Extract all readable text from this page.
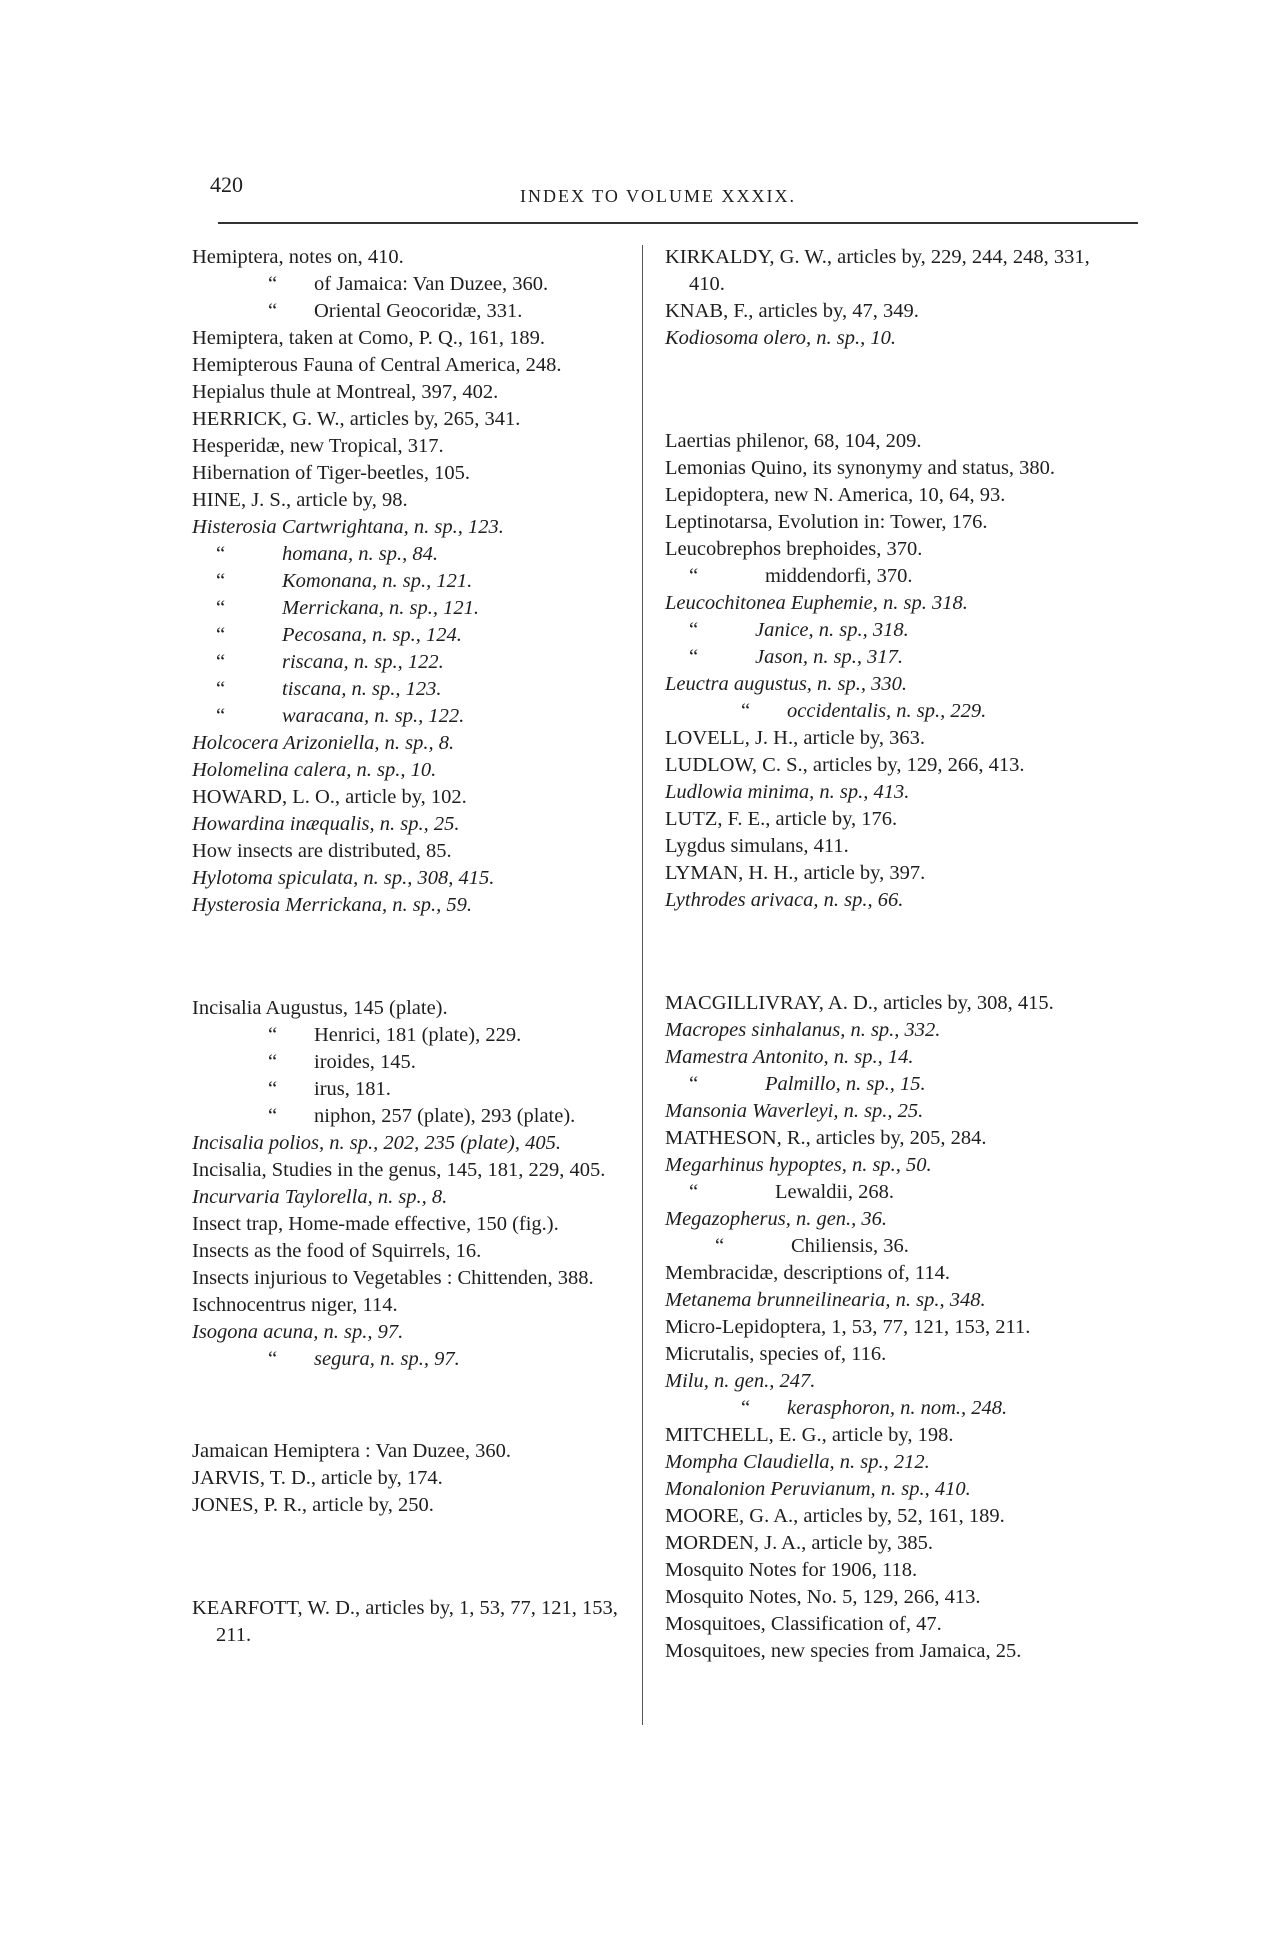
420	INDEX TO VOLUME XXXIX.
Hemiptera, notes on, 410.
“ of Jamaica: Van Duzee, 360.
“ Oriental Geocoridæ, 331.
Hemiptera, taken at Como, P. Q., 161, 189.
Hemipterous Fauna of Central America, 248.
Hepialus thule at Montreal, 397, 402.
HERRICK, G. W., articles by, 265, 341.
Hesperidæ, new Tropical, 317.
Hibernation of Tiger-beetles, 105.
HINE, J. S., article by, 98.
Histerosia Cartwrightana, n. sp., 123.
“	homana, n. sp., 84.
“	Komonana, n. sp., 121.
“	Merrickana, n. sp., 121.
“	Pecosana, n. sp., 124.
“	riscana, n. sp., 122.
“	tiscana, n. sp., 123.
“	waracana, n. sp., 122.
Holcocera Arizoniella, n. sp., 8.
Holomelina calera, n. sp., 10.
HOWARD, L. O., article by, 102.
Howardina inæqualis, n. sp., 25.
How insects are distributed, 85.
Hylotoma spiculata, n. sp., 308, 415.
Hysterosia Merrickana, n. sp., 59.
Incisalia Augustus, 145 (plate).
“ Henrici, 181 (plate), 229.
“ iroides, 145.
“ irus, 181.
“ niphon, 257 (plate), 293 (plate).
Incisalia polios, n. sp., 202, 235 (plate), 405.
Incisalia, Studies in the genus, 145, 181, 229, 405.
Incurvaria Taylorella, n. sp., 8.
Insect trap, Home-made effective, 150 (fig.).
Insects as the food of Squirrels, 16.
Insects injurious to Vegetables : Chittenden, 388.
Ischnocentrus niger, 114.
Isogona acuna, n. sp., 97.
“ segura, n. sp., 97.
Jamaican Hemiptera : Van Duzee, 360.
JARVIS, T. D., article by, 174.
JONES, P. R., article by, 250.
KEARFOTT, W. D., articles by, 1, 53, 77, 121, 153, 211.
KIRKALDY, G. W., articles by, 229, 244, 248, 331, 410.
KNAB, F., articles by, 47, 349.
Kodiosoma olero, n. sp., 10.
Laertias philenor, 68, 104, 209.
Lemonias Quino, its synonymy and status, 380.
Lepidoptera, new N. America, 10, 64, 93.
Leptinotarsa, Evolution in: Tower, 176.
Leucobrephos brephoides, 370.
“	middendorfi, 370.
Leucochitonea Euphemie, n. sp. 318.
“	Janice, n. sp., 318.
“	Jason, n. sp., 317.
Leuctra augustus, n. sp., 330.
“ occidentalis, n. sp., 229.
LOVELL, J. H., article by, 363.
LUDLOW, C. S., articles by, 129, 266, 413.
Ludlowia minima, n. sp., 413.
LUTZ, F. E., article by, 176.
Lygdus simulans, 411.
LYMAN, H. H., article by, 397.
Lythrodes arivaca, n. sp., 66.
MACGILLIVRAY, A. D., articles by, 308, 415.
Macropes sinhalanus, n. sp., 332.
Mamestra Antonito, n. sp., 14.
“	Palmillo, n. sp., 15.
Mansonia Waverleyi, n. sp., 25.
MATHESON, R., articles by, 205, 284.
Megarhinus hypoptes, n. sp., 50.
“	Lewaldii, 268.
Megazopherus, n. gen., 36.
“	Chiliensis, 36.
Membracidæ, descriptions of, 114.
Metanema brunneilinearia, n. sp., 348.
Micro-Lepidoptera, 1, 53, 77, 121, 153, 211.
Micrutalis, species of, 116.
Milu, n. gen., 247.
“ kerasphoron, n. nom., 248.
MITCHELL, E. G., article by, 198.
Mompha Claudiella, n. sp., 212.
Monalonion Peruvianum, n. sp., 410.
MOORE, G. A., articles by, 52, 161, 189.
MORDEN, J. A., article by, 385.
Mosquito Notes for 1906, 118.
Mosquito Notes, No. 5, 129, 266, 413.
Mosquitoes, Classification of, 47.
Mosquitoes, new species from Jamaica, 25.
